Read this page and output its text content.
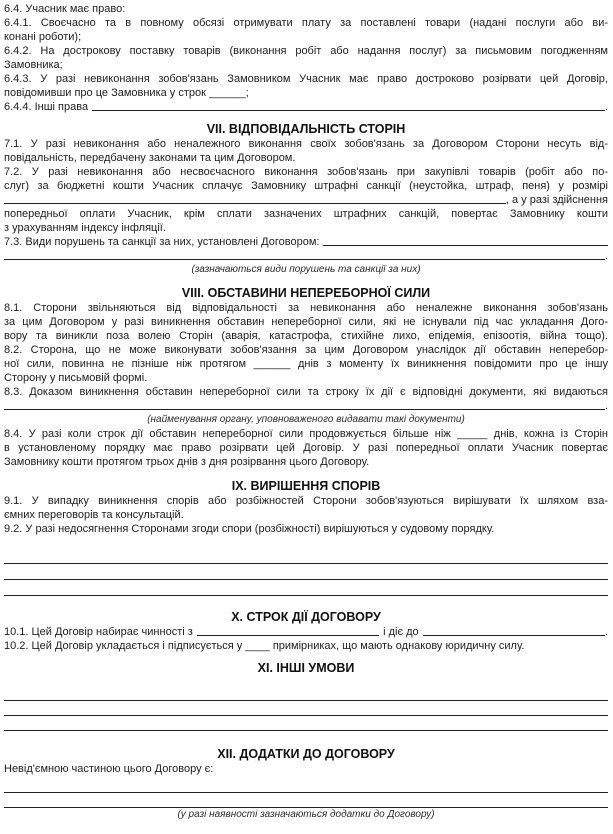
6.4. Учасник має право:
6.4.1. Своєчасно та в повному обсязі отримувати плату за поставлені товари (надані послуги або ви-
конані роботи);
6.4.2. На дострокову поставку товарів (виконання робіт або надання послуг) за письмовим погодженням
Замовника;
6.4.3. У разі невиконання зобов'язань Замовником Учасник має право достроково розірвати цей Договір,
повідомивши про це Замовника у строк ______;
6.4.4. Інші права	.
VII. ВІДПОВІДАЛЬНІСТЬ СТОРІН
7.1. У разі невиконання або неналежного виконання своїх зобов'язань за Договором Сторони несуть від-
повідальність, передбачену законами та цим Договором.
7.2. У разі невиконання або несвоєчасного виконання зобов'язань при закупівлі товарів (робіт або по-
слуг) за бюджетні кошти Учасник сплачує Замовнику штрафні санкції (неустойка, штраф, пеня) у розмірі
, а у разі здійснення
попередньої оплати Учасник, крім сплати зазначених штрафних санкцій, повертає Замовнику кошти
з урахуванням індексу інфляції.
7.3. Види порушень та санкції за них, установлені Договором:
.
(зазначаються види порушень та санкції за них)
VIII. ОБСТАВИНИ НЕПЕРЕБОРНОЇ СИЛИ
8.1. Сторони звільняються від відповідальності за невиконання або неналежне виконання зобов'язань
за цим Договором у разі виникнення обставин непереборної сили, які не існували під час укладання Дого-
вору та виникли поза волею Сторін (аварія, катастрофа, стихійне лихо, епідемія, епізоотія, війна тощо).
8.2. Сторона, що не може виконувати зобов'язання за цим Договором унаслідок дії обставин неперебор-
ної сили, повинна не пізніше ніж протягом ______ днів з моменту їх виникнення повідомити про це іншу
Сторону у письмовій формі.
8.3. Доказом виникнення обставин непереборної сили та строку їх дії є відповідні документи, які видаються
.
(найменування органу, уповноваженого видавати такі документи)
8.4. У разі коли строк дії обставин непереборної сили продовжується більше ніж _____ днів, кожна із Сторін
в установленому порядку має право розірвати цей Договір. У разі попередньої оплати Учасник повертає
Замовнику кошти протягом трьох днів з дня розірвання цього Договору.
IX. ВИРІШЕННЯ СПОРІВ
9.1. У випадку виникнення спорів або розбіжностей Сторони зобов'язуються вирішувати їх шляхом вза-
ємних переговорів та консультацій.
9.2. У разі недосягнення Сторонами згоди спори (розбіжності) вирішуються у судовому порядку.
X. СТРОК ДІЇ ДОГОВОРУ
10.1. Цей Договір набирає чинності з	і діє до	.
10.2. Цей Договір укладається і підписується у ____ примірниках, що мають однакову юридичну силу.
XI. ІНШІ УМОВИ
XII. ДОДАТКИ ДО ДОГОВОРУ
Невід'ємною частиною цього Договору є:
(у разі наявності зазначаються додатки до Договору)
